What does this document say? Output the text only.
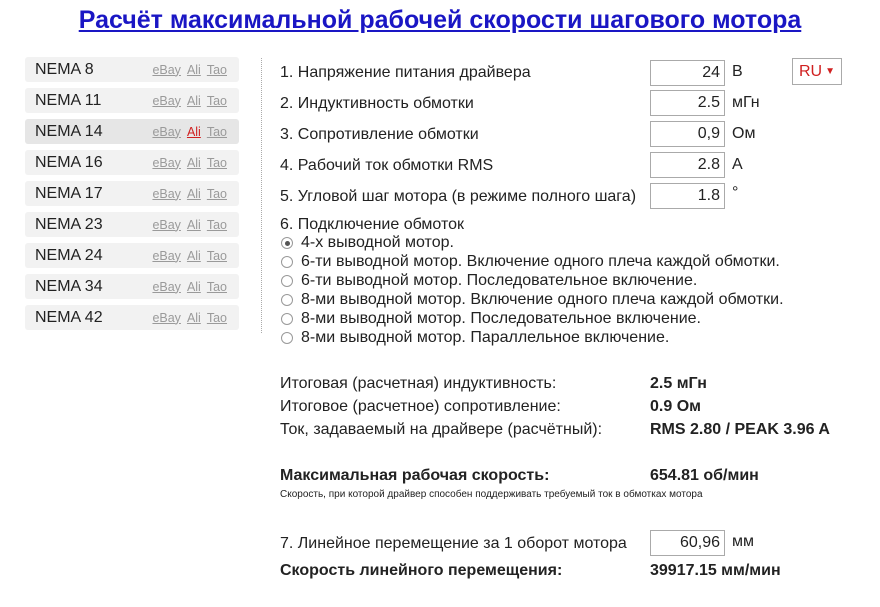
Расчёт максимальной рабочей скорости шагового мотора
NEMA 8	eBay Ali Tao
NEMA 11	eBay Ali Tao
NEMA 14	eBay Ali Tao
NEMA 16	eBay Ali Tao
NEMA 17	eBay Ali Tao
NEMA 23	eBay Ali Tao
NEMA 24	eBay Ali Tao
NEMA 34	eBay Ali Tao
NEMA 42	eBay Ali Tao
RU ▼
1. Напряжение питания драйвера	24 В
2. Индуктивность обмотки	2.5 мГн
3. Сопротивление обмотки	0,9 Ом
4. Рабочий ток обмотки RMS	2.8 А
5. Угловой шаг мотора (в режиме полного шага)	1.8 °
6. Подключение обмоток
4-х выводной мотор.
6-ти выводной мотор. Включение одного плеча каждой обмотки.
6-ти выводной мотор. Последовательное включение.
8-ми выводной мотор. Включение одного плеча каждой обмотки.
8-ми выводной мотор. Последовательное включение.
8-ми выводной мотор. Параллельное включение.
Итоговая (расчетная) индуктивность:	2.5 мГн
Итоговое (расчетное) сопротивление:	0.9 Ом
Ток, задаваемый на драйвере (расчётный):	RMS 2.80 / PEAK 3.96 A
Максимальная рабочая скорость:	654.81 об/мин
Скорость, при которой драйвер способен поддерживать требуемый ток в обмотках мотора
7. Линейное перемещение за 1 оборот мотора	60,96 мм
Скорость линейного перемещения:	39917.15 мм/мин
